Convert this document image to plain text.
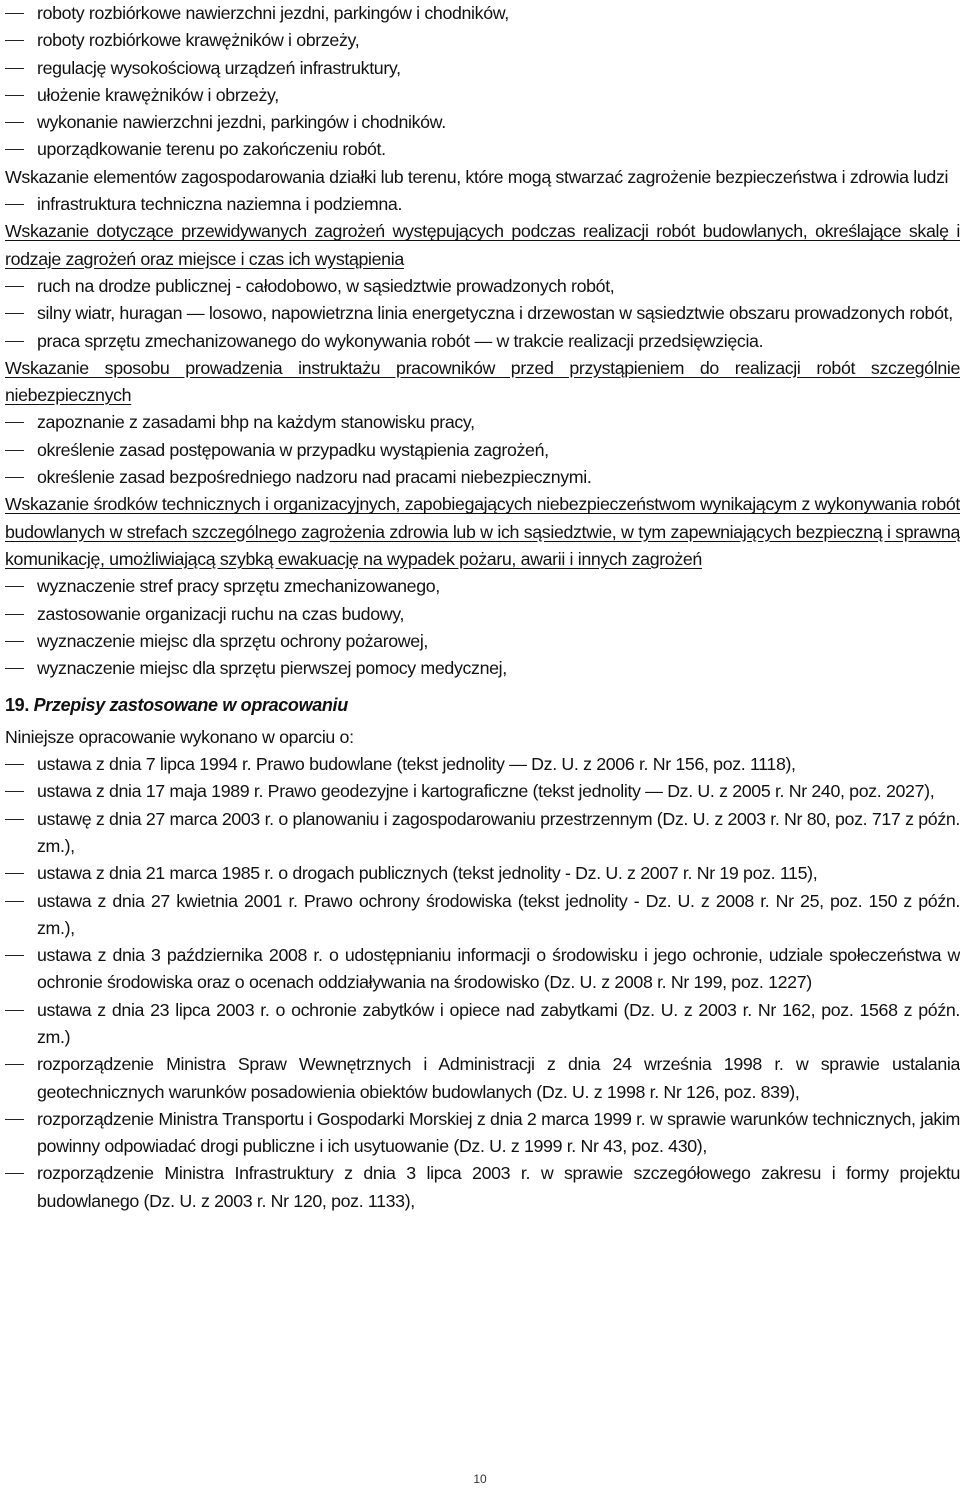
roboty rozbiórkowe nawierzchni jezdni, parkingów i chodników,
roboty rozbiórkowe krawężników i obrzeży,
regulację wysokościową urządzeń infrastruktury,
ułożenie krawężników i obrzeży,
wykonanie nawierzchni jezdni, parkingów i chodników.
uporządkowanie terenu po zakończeniu robót.
Wskazanie elementów zagospodarowania działki lub terenu, które mogą stwarzać zagrożenie bezpieczeństwa i zdrowia ludzi
infrastruktura techniczna naziemna i podziemna.
Wskazanie dotyczące przewidywanych zagrożeń występujących podczas realizacji robót budowlanych, określające skalę i rodzaje zagrożeń oraz miejsce i czas ich wystąpienia
ruch na drodze publicznej - całodobowo, w sąsiedztwie prowadzonych robót,
silny wiatr, huragan — losowo, napowietrzna linia energetyczna i drzewostan w sąsiedztwie obszaru prowadzonych robót,
praca sprzętu zmechanizowanego do wykonywania robót — w trakcie realizacji przedsięwzięcia.
Wskazanie sposobu prowadzenia instruktażu pracowników przed przystąpieniem do realizacji robót szczególnie niebezpiecznych
zapoznanie z zasadami bhp na każdym stanowisku pracy,
określenie zasad postępowania w przypadku wystąpienia zagrożeń,
określenie zasad bezpośredniego nadzoru nad pracami niebezpiecznymi.
Wskazanie środków technicznych i organizacyjnych, zapobiegających niebezpieczeństwom wynikającym z wykonywania robót budowlanych w strefach szczególnego zagrożenia zdrowia lub w ich sąsiedztwie, w tym zapewniających bezpieczną i sprawną komunikację, umożliwiającą szybką ewakuację na wypadek pożaru, awarii i innych zagrożeń
wyznaczenie stref pracy sprzętu zmechanizowanego,
zastosowanie organizacji ruchu na czas budowy,
wyznaczenie miejsc dla sprzętu ochrony pożarowej,
wyznaczenie miejsc dla sprzętu pierwszej pomocy medycznej,
19. Przepisy zastosowane w opracowaniu
Niniejsze opracowanie wykonano w oparciu o:
ustawa z dnia 7 lipca 1994 r. Prawo budowlane (tekst jednolity — Dz. U. z 2006 r. Nr 156, poz. 1118),
ustawa z dnia 17 maja 1989 r. Prawo geodezyjne i kartograficzne (tekst jednolity — Dz. U. z 2005 r. Nr 240, poz. 2027),
ustawę z dnia 27 marca 2003 r. o planowaniu i zagospodarowaniu przestrzennym (Dz. U. z 2003 r. Nr 80, poz. 717 z późn. zm.),
ustawa z dnia 21 marca 1985 r. o drogach publicznych (tekst jednolity - Dz. U. z 2007 r. Nr 19 poz. 115),
ustawa z dnia 27 kwietnia 2001 r. Prawo ochrony środowiska (tekst jednolity - Dz. U. z 2008 r. Nr 25, poz. 150 z późn. zm.),
ustawa z dnia 3 października 2008 r. o udostępnianiu informacji o środowisku i jego ochronie, udziale społeczeństwa w ochronie środowiska oraz o ocenach oddziaływania na środowisko (Dz. U. z 2008 r. Nr 199, poz. 1227)
ustawa z dnia 23 lipca 2003 r. o ochronie zabytków i opiece nad zabytkami (Dz. U. z 2003 r. Nr 162, poz. 1568 z późn. zm.)
rozporządzenie Ministra Spraw Wewnętrznych i Administracji z dnia 24 września 1998 r. w sprawie ustalania geotechnicznych warunków posadowienia obiektów budowlanych (Dz. U. z 1998 r. Nr 126, poz. 839),
rozporządzenie Ministra Transportu i Gospodarki Morskiej z dnia 2 marca 1999 r. w sprawie warunków technicznych, jakim powinny odpowiadać drogi publiczne i ich usytuowanie (Dz. U. z 1999 r. Nr 43, poz. 430),
rozporządzenie Ministra Infrastruktury z dnia 3 lipca 2003 r. w sprawie szczegółowego zakresu i formy projektu budowlanego (Dz. U. z 2003 r. Nr 120, poz. 1133),
10
